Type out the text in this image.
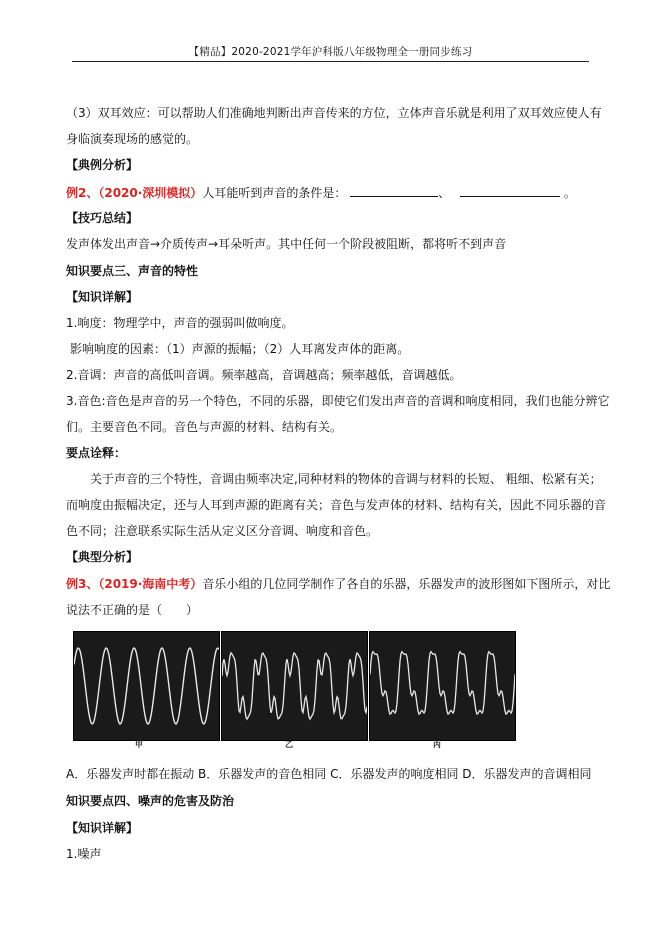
【精品】2020-2021学年沪科版八年级物理全一册同步练习
（3）双耳效应：可以帮助人们准确地判断出声音传来的方位，立体声音乐就是利用了双耳效应使人有
身临演奏现场的感觉的。
【典例分析】
例2、（2020·深圳模拟）人耳能听到声音的条件是：	、	。
【技巧总结】
发声体发出声音→介质传声→耳朵听声。其中任何一个阶段被阻断，都将听不到声音
知识要点三、声音的特性
【知识详解】
1.响度：物理学中，声音的强弱叫做响度。
影响响度的因素：（1）声源的振幅；（2）人耳离发声体的距离。
2.音调：声音的高低叫音调。频率越高，音调越高；频率越低，音调越低。
3.音色:音色是声音的另一个特色，不同的乐器，即使它们发出声音的音调和响度相同，我们也能分辨它
们。主要音色不同。音色与声源的材料、结构有关。
要点诠释：
关于声音的三个特性，音调由频率决定,同种材料的物体的音调与材料的长短、 粗细、松紧有关；
而响度由振幅决定，还与人耳到声源的距离有关；音色与发声体的材料、结构有关，因此不同乐器的音
色不同；注意联系实际生活从定义区分音调、响度和音色。
【典型分析】
例3、（2019·海南中考）音乐小组的几位同学制作了各自的乐器，乐器发声的波形图如下图所示，对比
说法不正确的是（　　）
甲	乙	丙
A．乐器发声时都在振动 B．乐器发声的音色相同 C．乐器发声的响度相同 D．乐器发声的音调相同
知识要点四、噪声的危害及防治
【知识详解】
1.噪声
